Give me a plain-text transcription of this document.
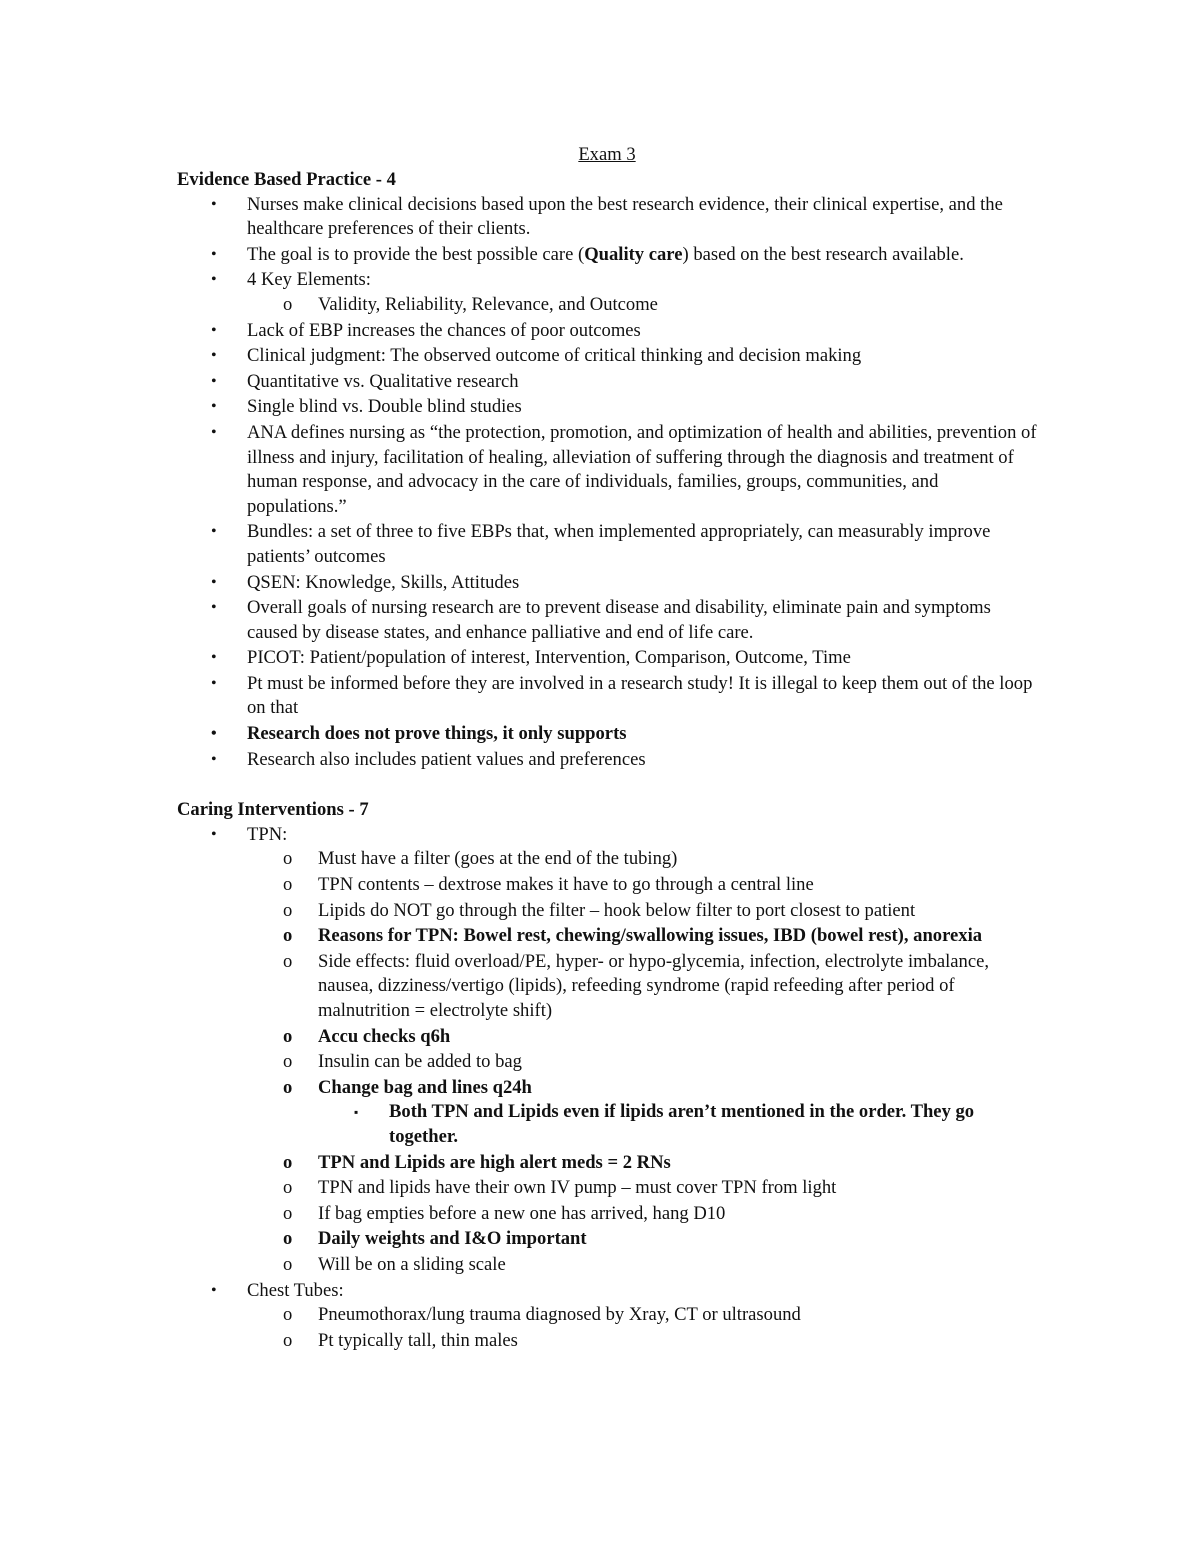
Exam 3
Evidence Based Practice - 4
• Nurses make clinical decisions based upon the best research evidence, their clinical expertise, and the healthcare preferences of their clients.
• The goal is to provide the best possible care (Quality care) based on the best research available.
• 4 Key Elements:
o Validity, Reliability, Relevance, and Outcome
• Lack of EBP increases the chances of poor outcomes
• Clinical judgment: The observed outcome of critical thinking and decision making
• Quantitative vs. Qualitative research
• Single blind vs. Double blind studies
• ANA defines nursing as “the protection, promotion, and optimization of health and abilities, prevention of illness and injury, facilitation of healing, alleviation of suffering through the diagnosis and treatment of human response, and advocacy in the care of individuals, families, groups, communities, and populations.”
• Bundles: a set of three to five EBPs that, when implemented appropriately, can measurably improve patients’ outcomes
• QSEN: Knowledge, Skills, Attitudes
• Overall goals of nursing research are to prevent disease and disability, eliminate pain and symptoms caused by disease states, and enhance palliative and end of life care.
• PICOT: Patient/population of interest, Intervention, Comparison, Outcome, Time
• Pt must be informed before they are involved in a research study! It is illegal to keep them out of the loop on that
• Research does not prove things, it only supports
• Research also includes patient values and preferences
Caring Interventions - 7
• TPN:
o Must have a filter (goes at the end of the tubing)
o TPN contents – dextrose makes it have to go through a central line
o Lipids do NOT go through the filter – hook below filter to port closest to patient
o Reasons for TPN: Bowel rest, chewing/swallowing issues, IBD (bowel rest), anorexia
o Side effects: fluid overload/PE, hyper- or hypo-glycemia, infection, electrolyte imbalance, nausea, dizziness/vertigo (lipids), refeeding syndrome (rapid refeeding after period of malnutrition = electrolyte shift)
o Accu checks q6h
o Insulin can be added to bag
o Change bag and lines q24h
▪ Both TPN and Lipids even if lipids aren’t mentioned in the order. They go together.
o TPN and Lipids are high alert meds = 2 RNs
o TPN and lipids have their own IV pump – must cover TPN from light
o If bag empties before a new one has arrived, hang D10
o Daily weights and I&O important
o Will be on a sliding scale
• Chest Tubes:
o Pneumothorax/lung trauma diagnosed by Xray, CT or ultrasound
o Pt typically tall, thin males
